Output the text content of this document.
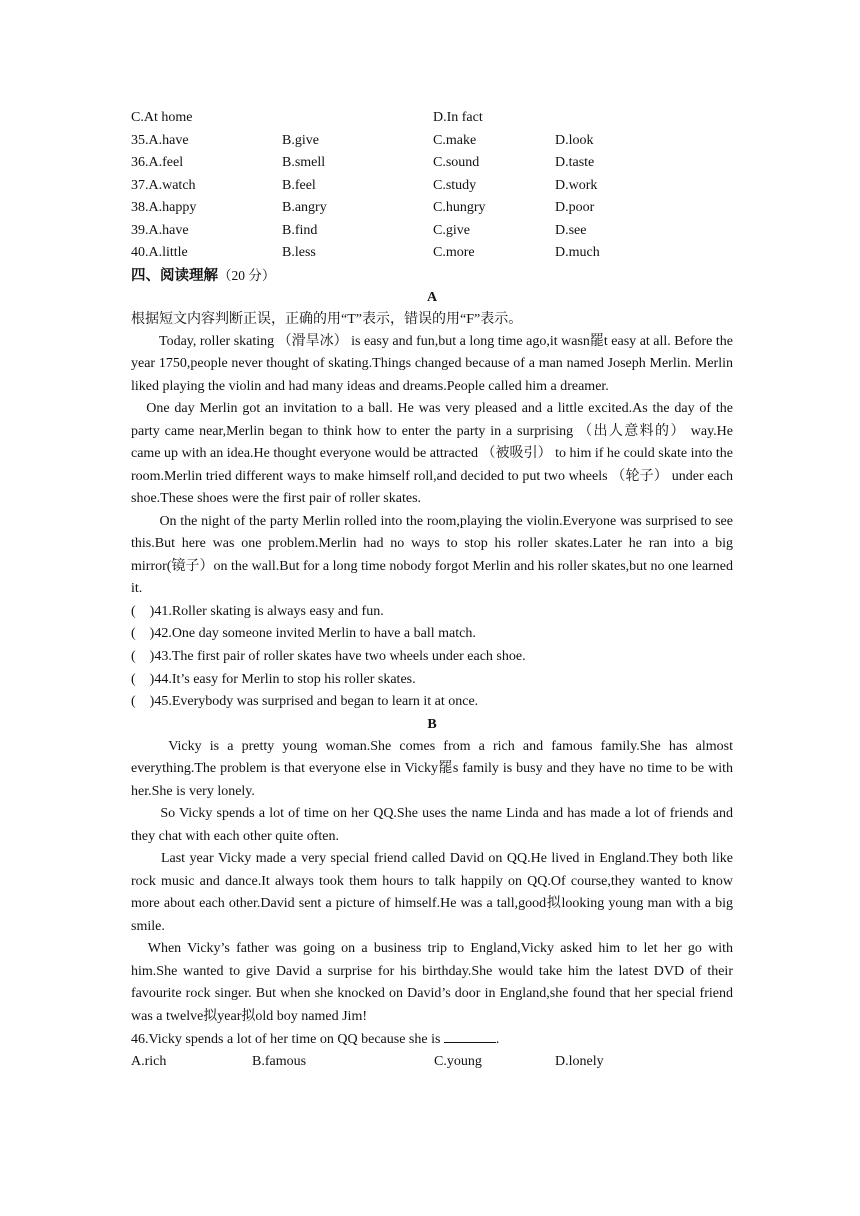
C.At home	D.In fact
35.A.have	B.give	C.make	D.look
36.A.feel	B.smell	C.sound	D.taste
37.A.watch	B.feel	C.study	D.work
38.A.happy	B.angry	C.hungry	D.poor
39.A.have	B.find	C.give	D.see
40.A.little	B.less	C.more	D.much
四、阅读理解（20 分）
A
根据短文内容判断正误，正确的用“T”表示，错误的用“F”表示。

　　Today, roller skating （滑旱冰） is easy and fun,but a long time ago,it wasn罷t easy at all. Before the year 1750,people never thought of skating.Things changed because of a man named Joseph Merlin. Merlin liked playing the violin and had many ideas and dreams.People called him a dreamer.

　One day Merlin got an invitation to a ball. He was very pleased and a little excited.As the day of the party came near,Merlin began to think how to enter the party in a surprising （出人意料的） way.He came up with an idea.He thought everyone would be attracted （被吸引） to him if he could skate into the room.Merlin tried different ways to make himself roll,and decided to put two wheels （轮子） under each shoe.These shoes were the first pair of roller skates.

　　On the night of the party Merlin rolled into the room,playing the violin.Everyone was surprised to see this.But here was one problem.Merlin had no ways to stop his roller skates.Later he ran into a big mirror(镜子）on the wall.But for a long time nobody forgot Merlin and his roller skates,but no one learned it.

(　)41.Roller skating is always easy and fun.
(　)42.One day someone invited Merlin to have a ball match.
(　)43.The first pair of roller skates have two wheels under each shoe.
(　)44.It’s easy for Merlin to stop his roller skates.
(　)45.Everybody was surprised and began to learn it at once.
B

　　Vicky is a pretty young woman.She comes from a rich and famous family.She has almost everything.The problem is that everyone else in Vicky罷s family is busy and they have no time to be with her.She is very lonely.

　　So Vicky spends a lot of time on her QQ.She uses the name Linda and has made a lot of friends and they chat with each other quite often.

　　Last year Vicky made a very special friend called David on QQ.He lived in England.They both like rock music and dance.It always took them hours to talk happily on QQ.Of course,they wanted to know more about each other.David sent a picture of himself.He was a tall,good拟looking young man with a big smile.

　When Vicky’s father was going on a business trip to England,Vicky asked him to let her go with him.She wanted to give David a surprise for his birthday.She would take him the latest DVD of their favourite rock singer. But when she knocked on David’s door in England,she found that her special friend was a twelve拟year拟old boy named Jim!

46.Vicky spends a lot of her time on QQ because she is	.
A.rich	B.famous	C.young	D.lonely
